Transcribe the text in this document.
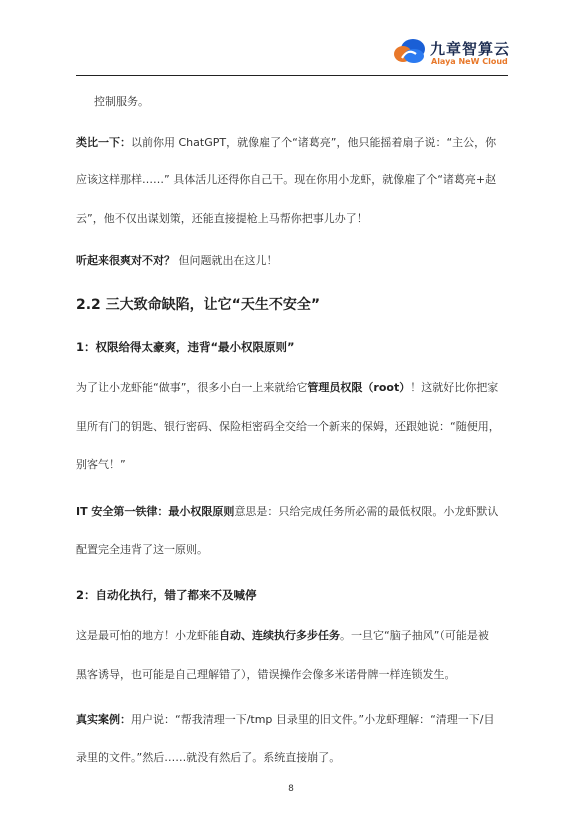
九章智算云
Alaya NeW Cloud

控制服务。

类比一下：以前你用 ChatGPT，就像雇了个“诸葛亮”，他只能摇着扇子说：“主公，你

应该这样那样……” 具体活儿还得你自己干。现在你用小龙虾，就像雇了个“诸葛亮+赵

云”，他不仅出谋划策，还能直接提枪上马帮你把事儿办了！

听起来很爽对不对？ 但问题就出在这儿！

2.2 三大致命缺陷，让它“天生不安全”
1：权限给得太豪爽，违背“最小权限原则”

为了让小龙虾能“做事”，很多小白一上来就给它管理员权限（root）！这就好比你把家

里所有门的钥匙、银行密码、保险柜密码全交给一个新来的保姆，还跟她说：“随便用，

别客气！”

IT 安全第一铁律：最小权限原则意思是：只给完成任务所必需的最低权限。小龙虾默认

配置完全违背了这一原则。

2：自动化执行，错了都来不及喊停

这是最可怕的地方！小龙虾能自动、连续执行多步任务。一旦它“脑子抽风”（可能是被

黑客诱导，也可能是自己理解错了），错误操作会像多米诺骨牌一样连锁发生。

真实案例：用户说：“帮我清理一下/tmp 目录里的旧文件。”小龙虾理解：“清理一下/目

录里的文件。”然后……就没有然后了。系统直接崩了。

8
